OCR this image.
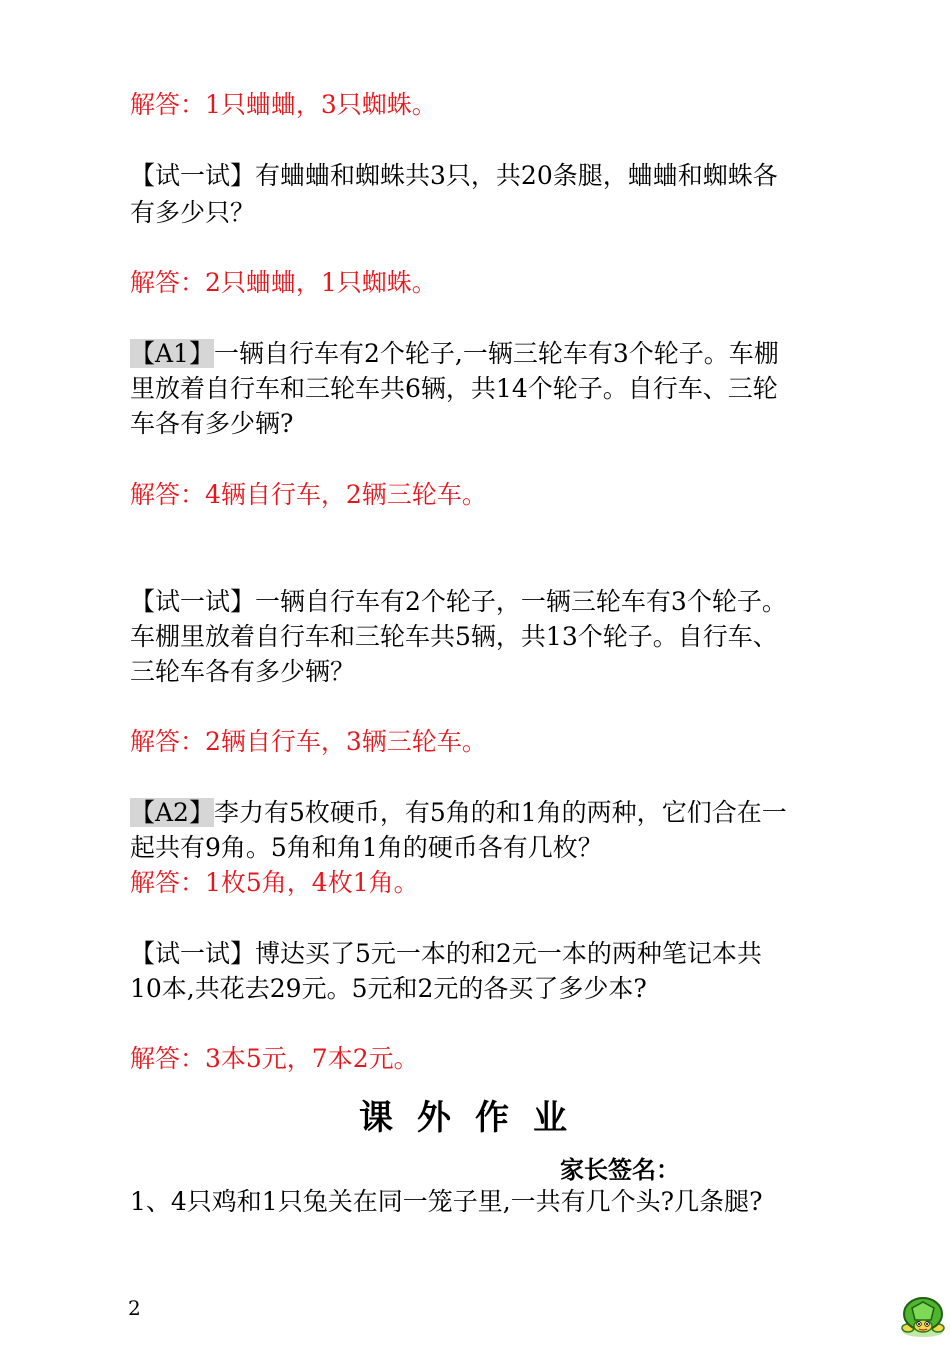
解答：1只蛐蛐，3只蜘蛛。
【试一试】有蛐蛐和蜘蛛共3只，共20条腿，蛐蛐和蜘蛛各
有多少只？
解答：2只蛐蛐，1只蜘蛛。
【A1】一辆自行车有2个轮子,一辆三轮车有3个轮子。车棚
里放着自行车和三轮车共6辆，共14个轮子。自行车、三轮
车各有多少辆?
解答：4辆自行车，2辆三轮车。
【试一试】一辆自行车有2个轮子，一辆三轮车有3个轮子。
车棚里放着自行车和三轮车共5辆，共13个轮子。自行车、
三轮车各有多少辆？
解答：2辆自行车，3辆三轮车。
【A2】李力有5枚硬币，有5角的和1角的两种，它们合在一
起共有9角。5角和角1角的硬币各有几枚？
解答：1枚5角，4枚1角。
【试一试】博达买了5元一本的和2元一本的两种笔记本共
10本,共花去29元。5元和2元的各买了多少本?
解答：3本5元，7本2元。
课外作业
家长签名：
1、4只鸡和1只兔关在同一笼子里,一共有几个头?几条腿?
2
